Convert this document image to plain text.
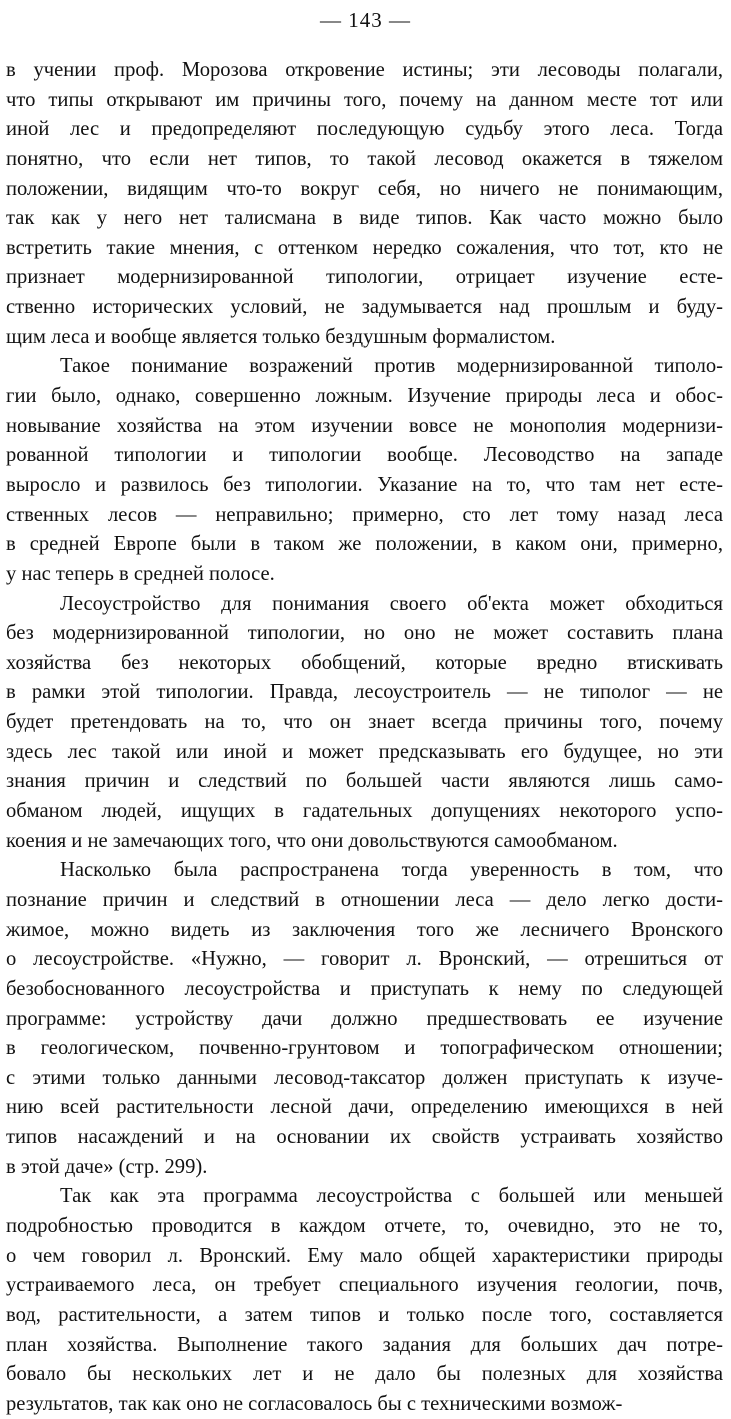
— 143 —
в учении проф. Морозова откровение истины; эти лесоводы полагали,
что типы открывают им причины того, почему на данном месте тот или
иной лес и предопределяют последующую судьбу этого леса. Тогда
понятно, что если нет типов, то такой лесовод окажется в тяжелом
положении, видящим что-то вокруг себя, но ничего не понимающим,
так как у него нет талисмана в виде типов. Как часто можно было
встретить такие мнения, с оттенком нередко сожаления, что тот, кто не
признает модернизированной типологии, отрицает изучение есте-
ственно исторических условий, не задумывается над прошлым и буду-
щим леса и вообще является только бездушным формалистом.
Такое понимание возражений против модернизированной типоло-
гии было, однако, совершенно ложным. Изучение природы леса и обос-
новывание хозяйства на этом изучении вовсе не монополия модернизи-
рованной типологии и типологии вообще. Лесоводство на западе
выросло и развилось без типологии. Указание на то, что там нет есте-
ственных лесов — неправильно; примерно, сто лет тому назад леса
в средней Европе были в таком же положении, в каком они, примерно,
у нас теперь в средней полосе.
Лесоустройство для понимания своего об'екта может обходиться
без модернизированной типологии, но оно не может составить плана
хозяйства без некоторых обобщений, которые вредно втискивать
в рамки этой типологии. Правда, лесоустроитель — не типолог — не
будет претендовать на то, что он знает всегда причины того, почему
здесь лес такой или иной и может предсказывать его будущее, но эти
знания причин и следствий по большей части являются лишь само-
обманом людей, ищущих в гадательных допущениях некоторого успо-
коения и не замечающих того, что они довольствуются самообманом.
Насколько была распространена тогда уверенность в том, что
познание причин и следствий в отношении леса — дело легко дости-
жимое, можно видеть из заключения того же лесничего Вронского
о лесоустройстве. «Нужно, — говорит л. Вронский, — отрешиться от
безобоснованного лесоустройства и приступать к нему по следующей
программе: устройству дачи должно предшествовать ее изучение
в геологическом, почвенно-грунтовом и топографическом отношении;
с этими только данными лесовод-таксатор должен приступать к изуче-
нию всей растительности лесной дачи, определению имеющихся в ней
типов насаждений и на основании их свойств устраивать хозяйство
в этой даче» (стр. 299).
Так как эта программа лесоустройства с большей или меньшей
подробностью проводится в каждом отчете, то, очевидно, это не то,
о чем говорил л. Вронский. Ему мало общей характеристики природы
устраиваемого леса, он требует специального изучения геологии, почв,
вод, растительности, а затем типов и только после того, составляется
план хозяйства. Выполнение такого задания для больших дач потре-
бовало бы нескольких лет и не дало бы полезных для хозяйства
результатов, так как оно не согласовалось бы с техническими возмож-
